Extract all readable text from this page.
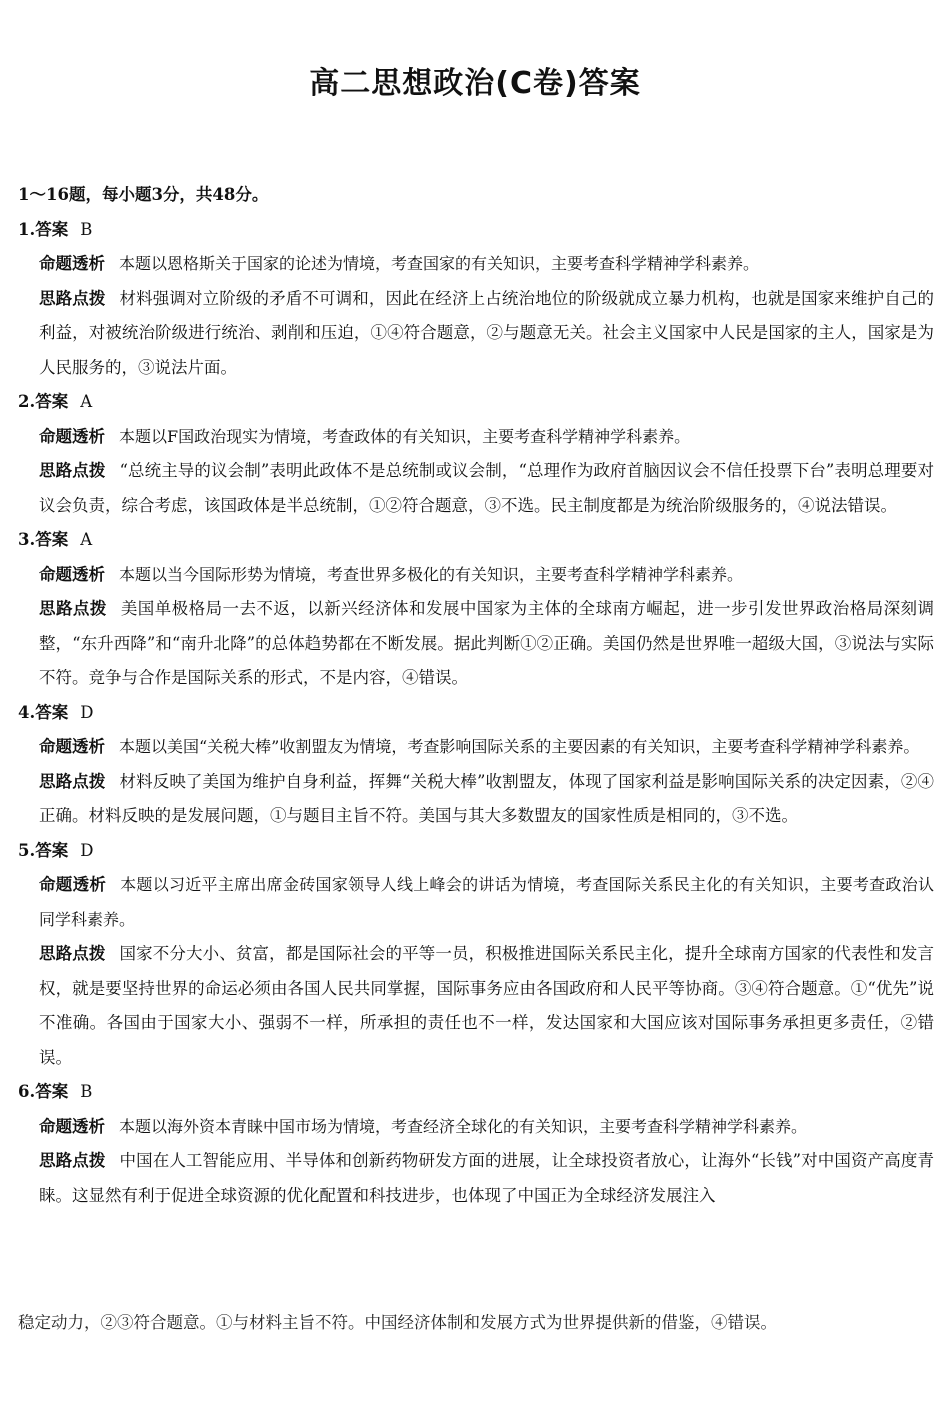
高二思想政治(C卷)答案

1～16题，每小题3分，共48分。

1.答案 B

命题透析 本题以恩格斯关于国家的论述为情境，考查国家的有关知识，主要考查科学精神学科素养。

思路点拨 材料强调对立阶级的矛盾不可调和，因此在经济上占统治地位的阶级就成立暴力机构，也就是国家来维护自己的利益，对被统治阶级进行统治、剥削和压迫，①④符合题意，②与题意无关。社会主义国家中人民是国家的主人，国家是为人民服务的，③说法片面。

2.答案 A

命题透析 本题以F国政治现实为情境，考查政体的有关知识，主要考查科学精神学科素养。

思路点拨 “总统主导的议会制”表明此政体不是总统制或议会制，“总理作为政府首脑因议会不信任投票下台”表明总理要对议会负责，综合考虑，该国政体是半总统制，①②符合题意，③不选。民主制度都是为统治阶级服务的，④说法错误。

3.答案 A

命题透析 本题以当今国际形势为情境，考查世界多极化的有关知识，主要考查科学精神学科素养。

思路点拨 美国单极格局一去不返，以新兴经济体和发展中国家为主体的全球南方崛起，进一步引发世界政治格局深刻调整，“东升西降”和“南升北降”的总体趋势都在不断发展。据此判断①②正确。美国仍然是世界唯一超级大国，③说法与实际不符。竞争与合作是国际关系的形式，不是内容，④错误。

4.答案 D

命题透析 本题以美国“关税大棒”收割盟友为情境，考查影响国际关系的主要因素的有关知识，主要考查科学精神学科素养。

思路点拨 材料反映了美国为维护自身利益，挥舞“关税大棒”收割盟友，体现了国家利益是影响国际关系的决定因素，②④正确。材料反映的是发展问题，①与题目主旨不符。美国与其大多数盟友的国家性质是相同的，③不选。

5.答案 D

命题透析 本题以习近平主席出席金砖国家领导人线上峰会的讲话为情境，考查国际关系民主化的有关知识，主要考查政治认同学科素养。

思路点拨 国家不分大小、贫富，都是国际社会的平等一员，积极推进国际关系民主化，提升全球南方国家的代表性和发言权，就是要坚持世界的命运必须由各国人民共同掌握，国际事务应由各国政府和人民平等协商。③④符合题意。①“优先”说不准确。各国由于国家大小、强弱不一样，所承担的责任也不一样，发达国家和大国应该对国际事务承担更多责任，②错误。

6.答案 B

命题透析 本题以海外资本青睐中国市场为情境，考查经济全球化的有关知识，主要考查科学精神学科素养。

思路点拨 中国在人工智能应用、半导体和创新药物研发方面的进展，让全球投资者放心，让海外“长钱”对中国资产高度青睐。这显然有利于促进全球资源的优化配置和科技进步，也体现了中国正为全球经济发展注入

稳定动力，②③符合题意。①与材料主旨不符。中国经济体制和发展方式为世界提供新的借鉴，④错误。
